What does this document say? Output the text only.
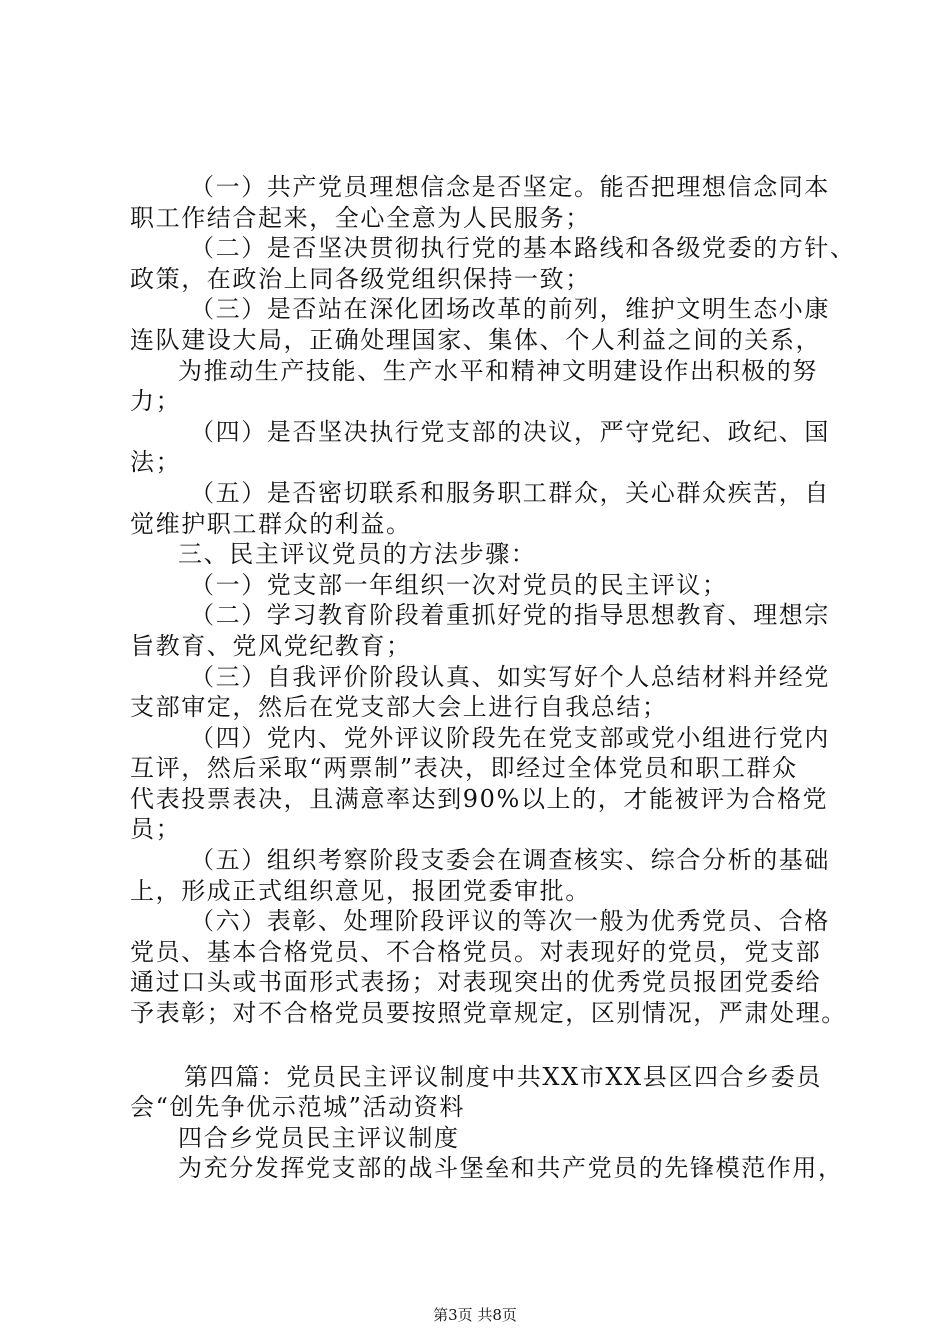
（一）共产党员理想信念是否坚定。能否把理想信念同本
职工作结合起来，全心全意为人民服务；
（二）是否坚决贯彻执行党的基本路线和各级党委的方针、
政策，在政治上同各级党组织保持一致；
（三）是否站在深化团场改革的前列，维护文明生态小康
连队建设大局，正确处理国家、集体、个人利益之间的关系，
为推动生产技能、生产水平和精神文明建设作出积极的努
力；
（四）是否坚决执行党支部的决议，严守党纪、政纪、国
法；
（五）是否密切联系和服务职工群众，关心群众疾苦，自
觉维护职工群众的利益。
三、民主评议党员的方法步骤：
（一）党支部一年组织一次对党员的民主评议；
（二）学习教育阶段着重抓好党的指导思想教育、理想宗
旨教育、党风党纪教育；
（三）自我评价阶段认真、如实写好个人总结材料并经党
支部审定，然后在党支部大会上进行自我总结；
（四）党内、党外评议阶段先在党支部或党小组进行党内
互评，然后采取“两票制”表决，即经过全体党员和职工群众
代表投票表决，且满意率达到90%以上的，才能被评为合格党
员；
（五）组织考察阶段支委会在调查核实、综合分析的基础
上，形成正式组织意见，报团党委审批。
（六）表彰、处理阶段评议的等次一般为优秀党员、合格
党员、基本合格党员、不合格党员。对表现好的党员，党支部
通过口头或书面形式表扬；对表现突出的优秀党员报团党委给
予表彰；对不合格党员要按照党章规定，区别情况，严肃处理。
第四篇：党员民主评议制度中共XX市XX县区四合乡委员
会“创先争优示范城”活动资料
四合乡党员民主评议制度
为充分发挥党支部的战斗堡垒和共产党员的先锋模范作用，
第3页 共8页
